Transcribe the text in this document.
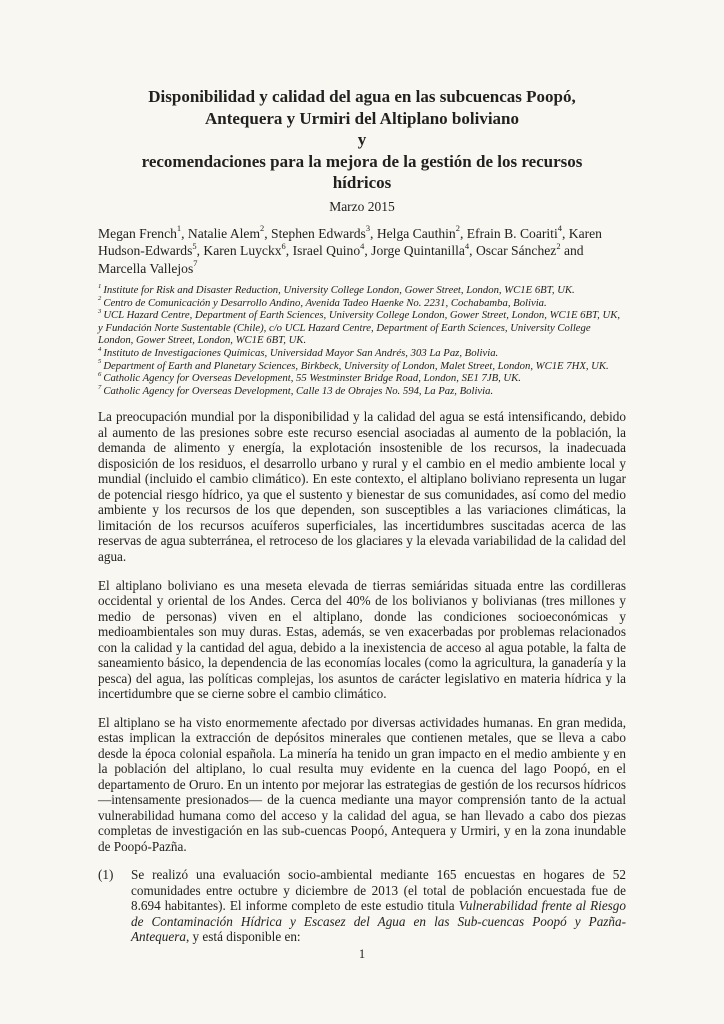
Disponibilidad y calidad del agua en las subcuencas Poopó,
Antequera y Urmiri del Altiplano boliviano
y
recomendaciones para la mejora de la gestión de los recursos
hídricos
Marzo 2015
Megan French$^1$, Natalie Alem$^2$, Stephen Edwards$^3$, Helga Cauthin$^2$, Efrain B. Coariti$^4$, Karen Hudson-Edwards$^5$, Karen Luyckx$^6$, Israel Quino$^4$, Jorge Quintanilla$^4$, Oscar Sánchez$^2$ and Marcella Vallejos$^7$
$^1$ Institute for Risk and Disaster Reduction, University College London, Gower Street, London, WC1E 6BT, UK.
$^2$ Centro de Comunicación y Desarrollo Andino, Avenida Tadeo Haenke No. 2231, Cochabamba, Bolivia.
$^3$ UCL Hazard Centre, Department of Earth Sciences, University College London, Gower Street, London, WC1E 6BT, UK, y Fundación Norte Sustentable (Chile), c/o UCL Hazard Centre, Department of Earth Sciences, University College London, Gower Street, London, WC1E 6BT, UK.
$^4$ Instituto de Investigaciones Químicas, Universidad Mayor San Andrés, 303 La Paz, Bolivia.
$^5$ Department of Earth and Planetary Sciences, Birkbeck, University of London, Malet Street, London, WC1E 7HX, UK.
$^6$ Catholic Agency for Overseas Development, 55 Westminster Bridge Road, London, SE1 7JB, UK.
$^7$ Catholic Agency for Overseas Development, Calle 13 de Obrajes No. 594, La Paz, Bolivia.

La preocupación mundial por la disponibilidad y la calidad del agua se está intensificando, debido al aumento de las presiones sobre este recurso esencial asociadas al aumento de la población, la demanda de alimento y energía, la explotación insostenible de los recursos, la inadecuada disposición de los residuos, el desarrollo urbano y rural y el cambio en el medio ambiente local y mundial (incluido el cambio climático). En este contexto, el altiplano boliviano representa un lugar de potencial riesgo hídrico, ya que el sustento y bienestar de sus comunidades, así como del medio ambiente y los recursos de los que dependen, son susceptibles a las variaciones climáticas, la limitación de los recursos acuíferos superficiales, las incertidumbres suscitadas acerca de las reservas de agua subterránea, el retroceso de los glaciares y la elevada variabilidad de la calidad del agua.

El altiplano boliviano es una meseta elevada de tierras semiáridas situada entre las cordilleras occidental y oriental de los Andes. Cerca del 40% de los bolivianos y bolivianas (tres millones y medio de personas) viven en el altiplano, donde las condiciones socioeconómicas y medioambientales son muy duras. Estas, además, se ven exacerbadas por problemas relacionados con la calidad y la cantidad del agua, debido a la inexistencia de acceso al agua potable, la falta de saneamiento básico, la dependencia de las economías locales (como la agricultura, la ganadería y la pesca) del agua, las políticas complejas, los asuntos de carácter legislativo en materia hídrica y la incertidumbre que se cierne sobre el cambio climático.

El altiplano se ha visto enormemente afectado por diversas actividades humanas. En gran medida, estas implican la extracción de depósitos minerales que contienen metales, que se lleva a cabo desde la época colonial española. La minería ha tenido un gran impacto en el medio ambiente y en la población del altiplano, lo cual resulta muy evidente en la cuenca del lago Poopó, en el departamento de Oruro. En un intento por mejorar las estrategias de gestión de los recursos hídricos —intensamente presionados— de la cuenca mediante una mayor comprensión tanto de la actual vulnerabilidad humana como del acceso y la calidad del agua, se han llevado a cabo dos piezas completas de investigación en las sub-cuencas Poopó, Antequera y Urmiri, y en la zona inundable de Poopó-Pazña.

(1)	Se realizó una evaluación socio-ambiental mediante 165 encuestas en hogares de 52 comunidades entre octubre y diciembre de 2013 (el total de población encuestada fue de 8.694 habitantes). El informe completo de este estudio titula Vulnerabilidad frente al Riesgo de Contaminación Hídrica y Escasez del Agua en las Sub-cuencas Poopó y Pazña-Antequera, y está disponible en:
1
